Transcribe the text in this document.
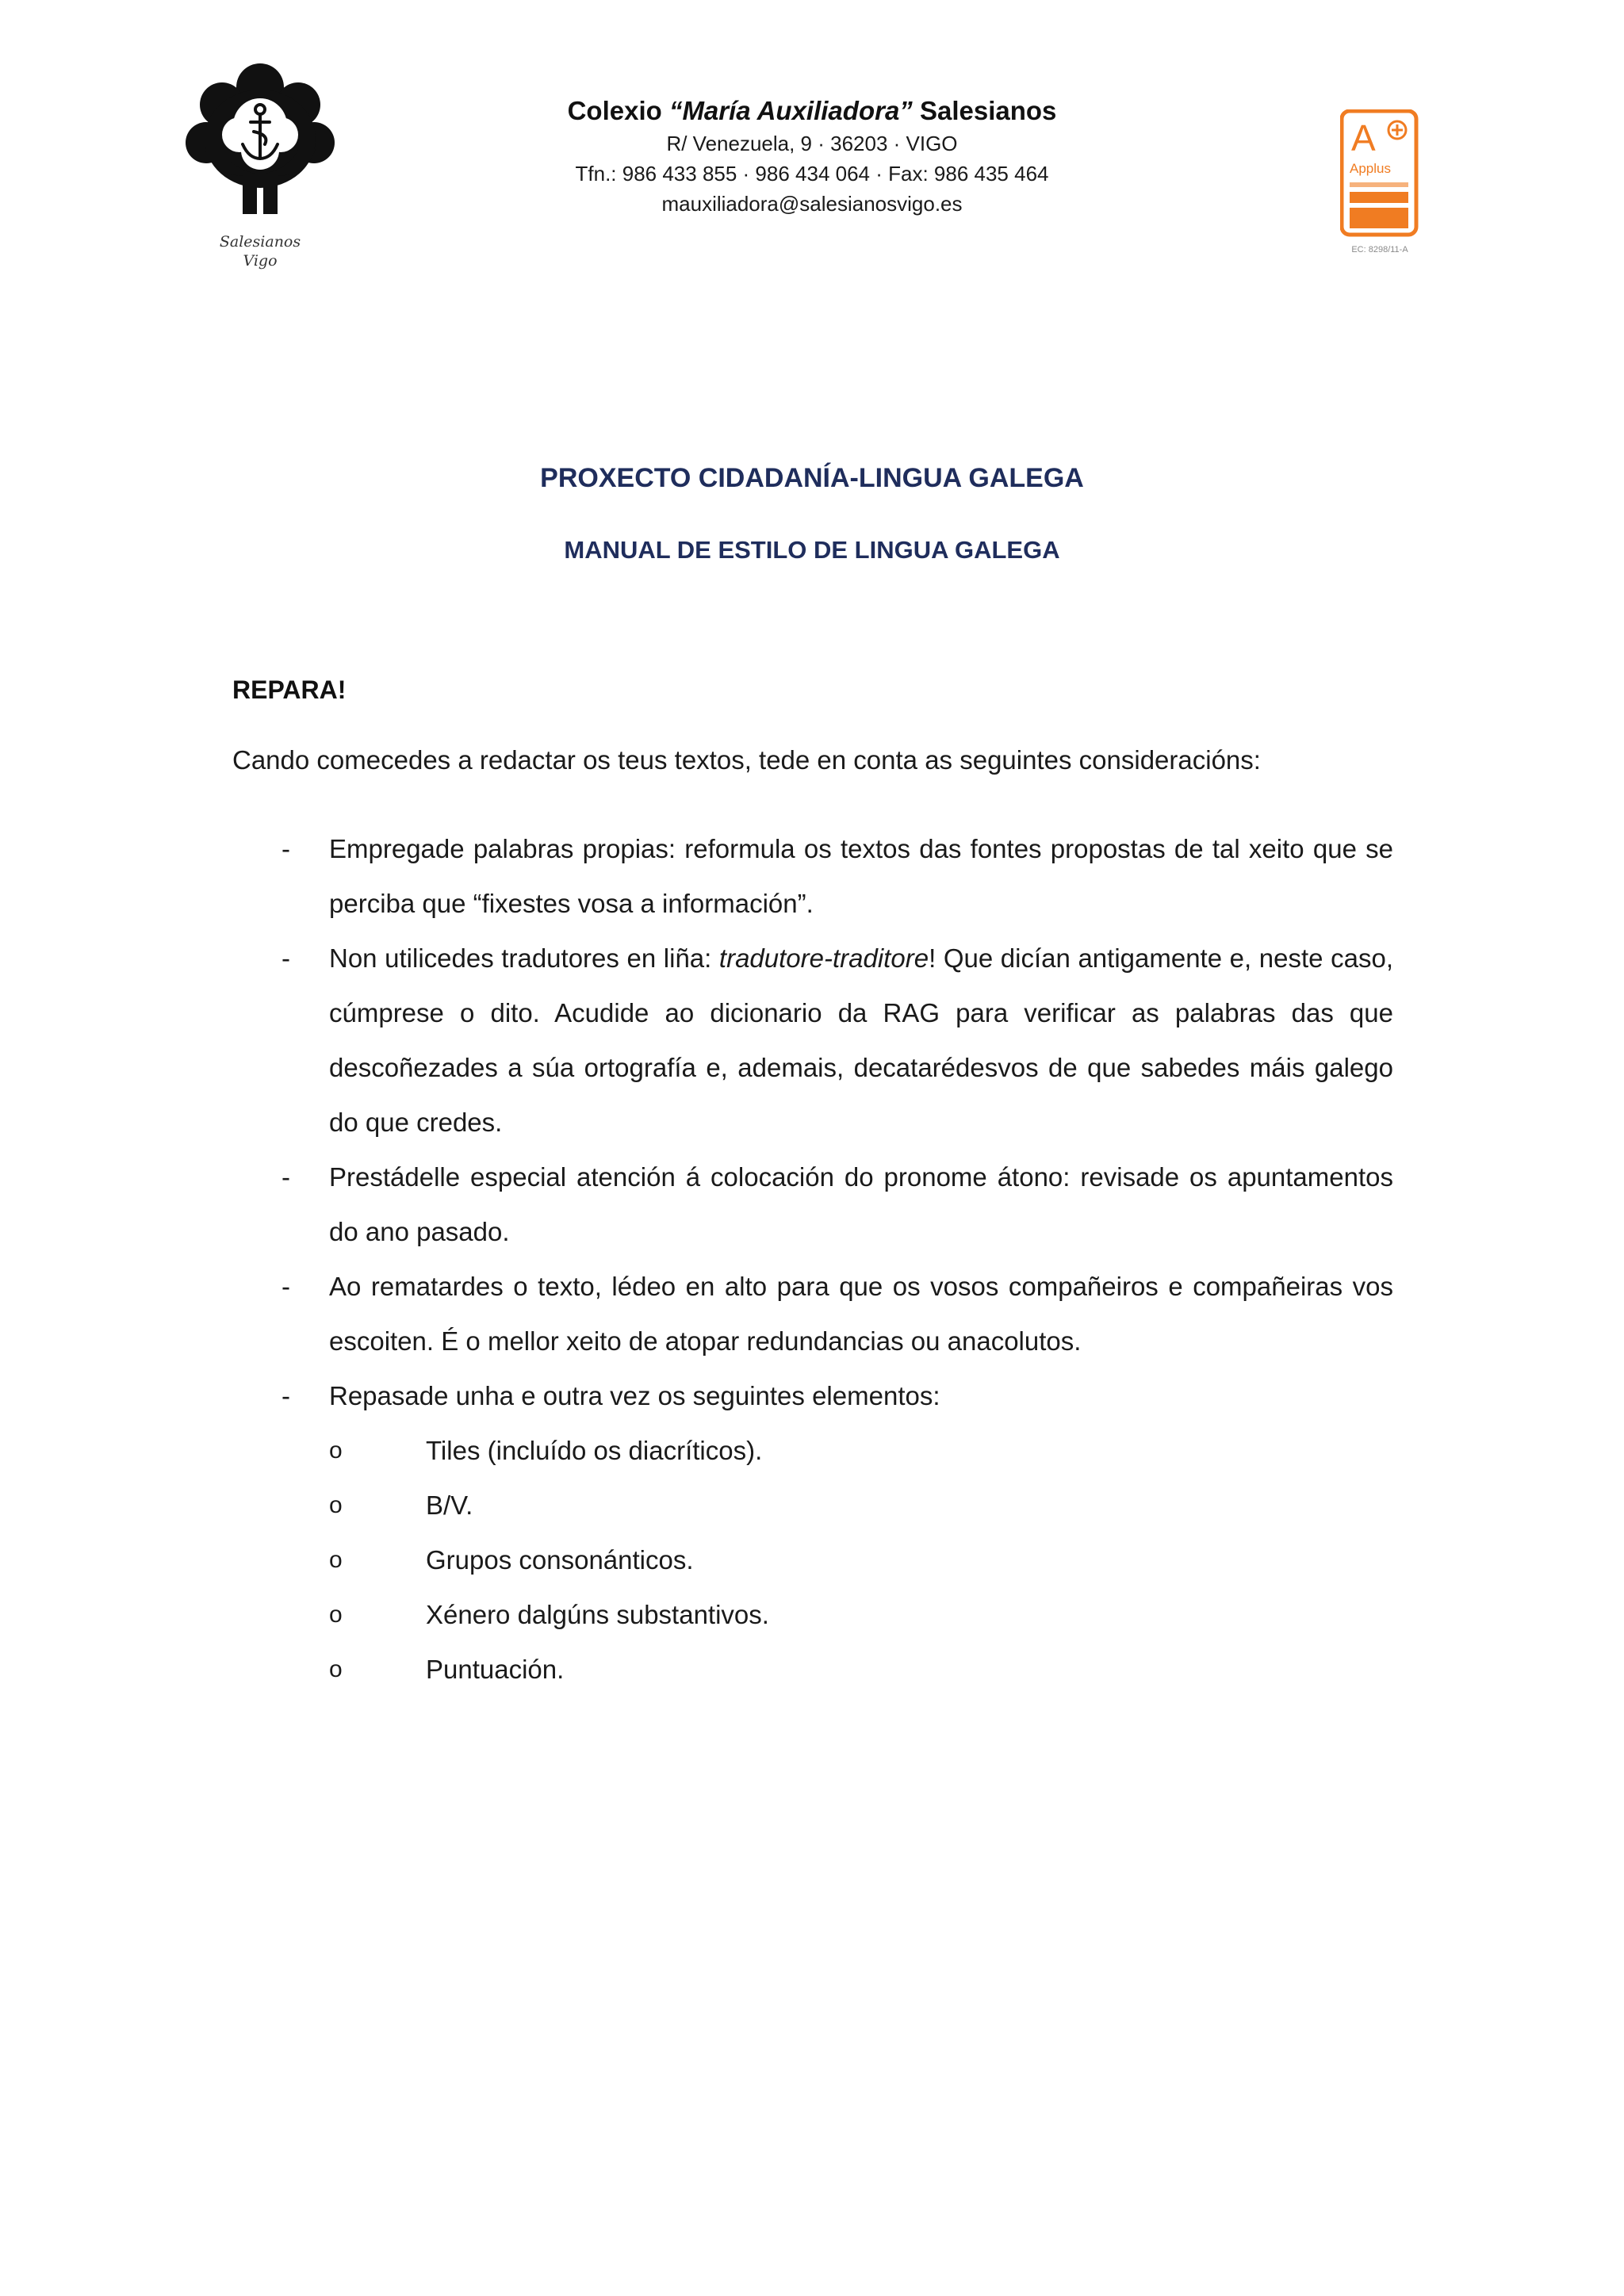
Salesianos
Vigo
Colexio “María Auxiliadora” Salesianos
R/ Venezuela, 9 · 36203 · VIGO
Tfn.: 986 433 855 · 986 434 064 · Fax: 986 435 464
mauxiliadora@salesianosvigo.es
A
Applus
EC: 8298/11-A
PROXECTO CIDADANÍA-LINGUA GALEGA
MANUAL DE ESTILO DE LINGUA GALEGA
REPARA!
Cando comecedes a redactar os teus textos, tede en conta as seguintes consideracións:
- Empregade palabras propias: reformula os textos das fontes propostas de tal xeito que se perciba que “fixestes vosa a información”.
- Non utilicedes tradutores en liña: tradutore-traditore! Que dicían antigamente e, neste caso, cúmprese o dito. Acudide ao dicionario da RAG para verificar as palabras das que descoñezades a súa ortografía e, ademais, decatarédesvos de que sabedes máis galego do que credes.
- Prestádelle especial atención á colocación do pronome átono: revisade os apuntamentos do ano pasado.
- Ao rematardes o texto, lédeo en alto para que os vosos compañeiros e compañeiras vos escoiten. É o mellor xeito de atopar redundancias ou anacolutos.
- Repasade unha e outra vez os seguintes elementos:
o	Tiles (incluído os diacríticos).
o	B/V.
o	Grupos consonánticos.
o	Xénero dalgúns substantivos.
o	Puntuación.
